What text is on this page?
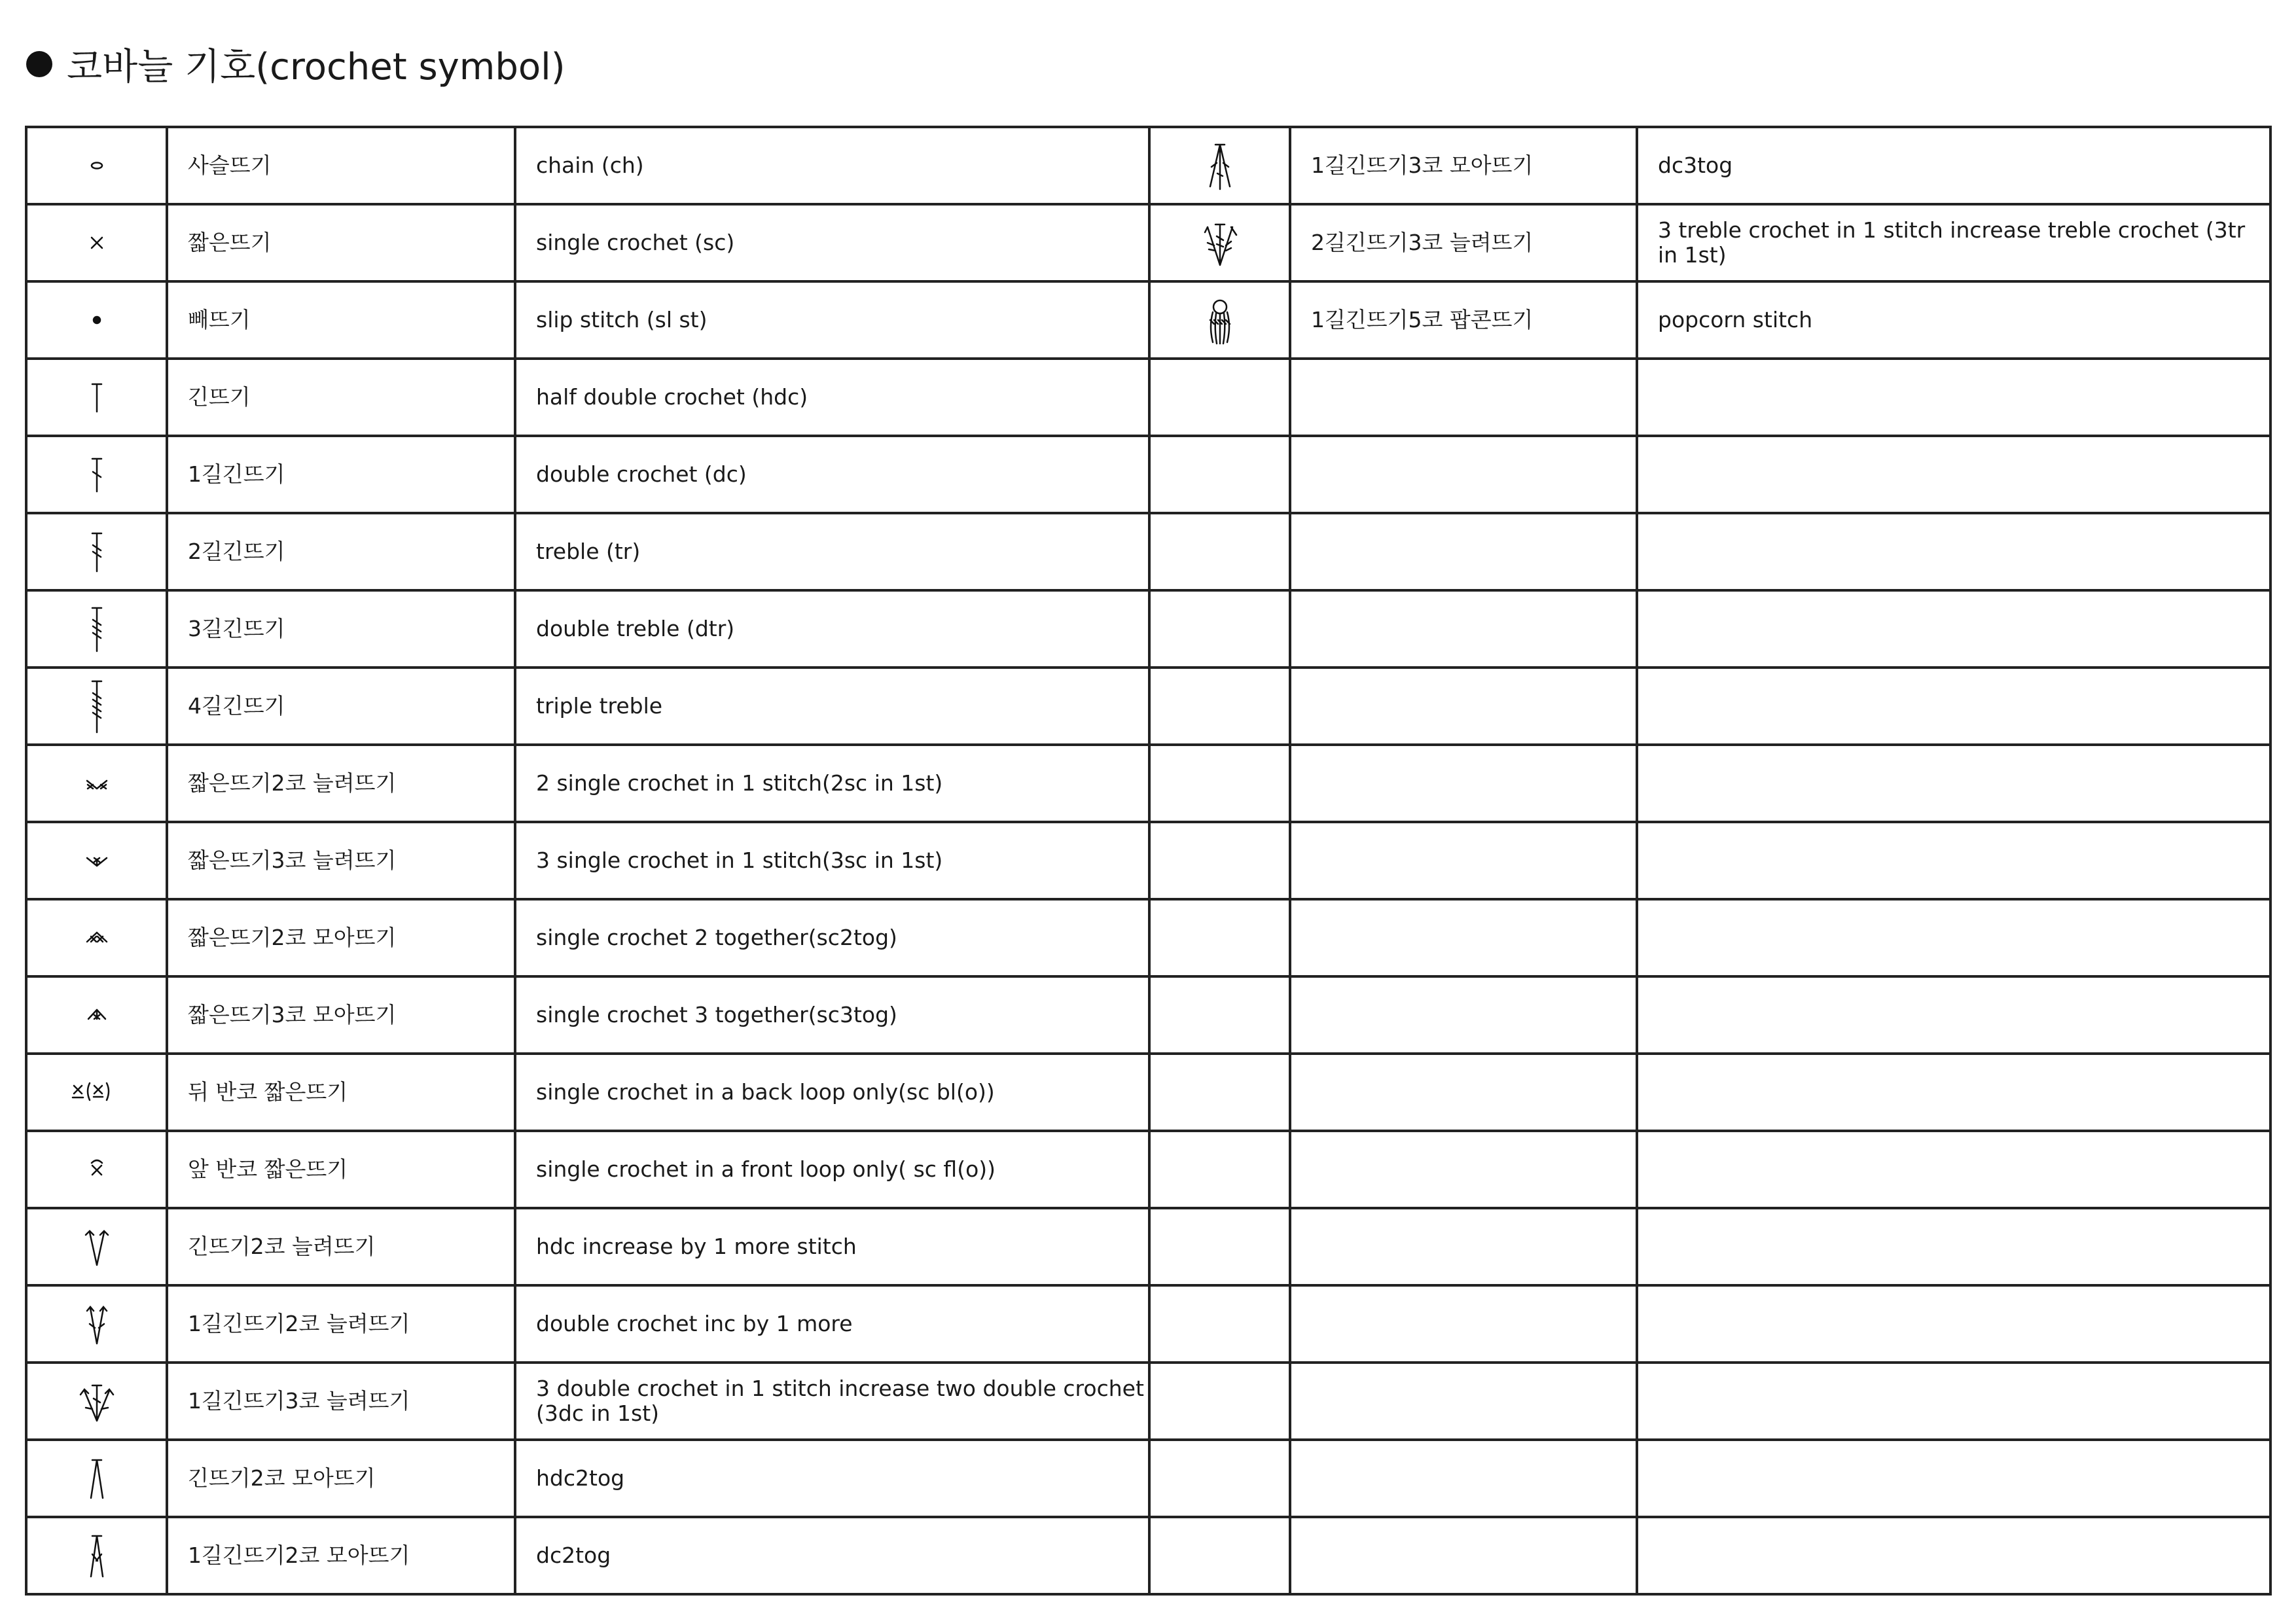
코바늘 기호(crochet symbol)
	사슬뜨기	chain (ch)		1길긴뜨기3코 모아뜨기	dc3tog

	짧은뜨기	single crochet (sc)		2길긴뜨기3코 늘려뜨기	3 treble crochet in 1 stitch increase treble crochet (3tr in 1st)

	빼뜨기	slip stitch (sl st)		1길긴뜨기5코 팝콘뜨기	popcorn stitch

	긴뜨기	half double crochet (hdc)			

	1길긴뜨기	double crochet (dc)			

	2길긴뜨기	treble (tr)			

	3길긴뜨기	double treble (dtr)			

	4길긴뜨기	triple treble			

	짧은뜨기2코 늘려뜨기	2 single crochet in 1 stitch(2sc in 1st)			

	짧은뜨기3코 늘려뜨기	3 single crochet in 1 stitch(3sc in 1st)			

	짧은뜨기2코 모아뜨기	single crochet 2 together(sc2tog)			

	짧은뜨기3코 모아뜨기	single crochet 3 together(sc3tog)			

	뒤 반코 짧은뜨기	single crochet in a back loop only(sc bl(o))			

	앞 반코 짧은뜨기	single crochet in a front loop only( sc fl(o))			

	긴뜨기2코 늘려뜨기	hdc increase by 1 more stitch			

	1길긴뜨기2코 늘려뜨기	double crochet inc by 1 more			

	1길긴뜨기3코 늘려뜨기	3 double crochet in 1 stitch increase two double crochet (3dc in 1st)			

	긴뜨기2코 모아뜨기	hdc2tog			

	1길긴뜨기2코 모아뜨기	dc2tog			
